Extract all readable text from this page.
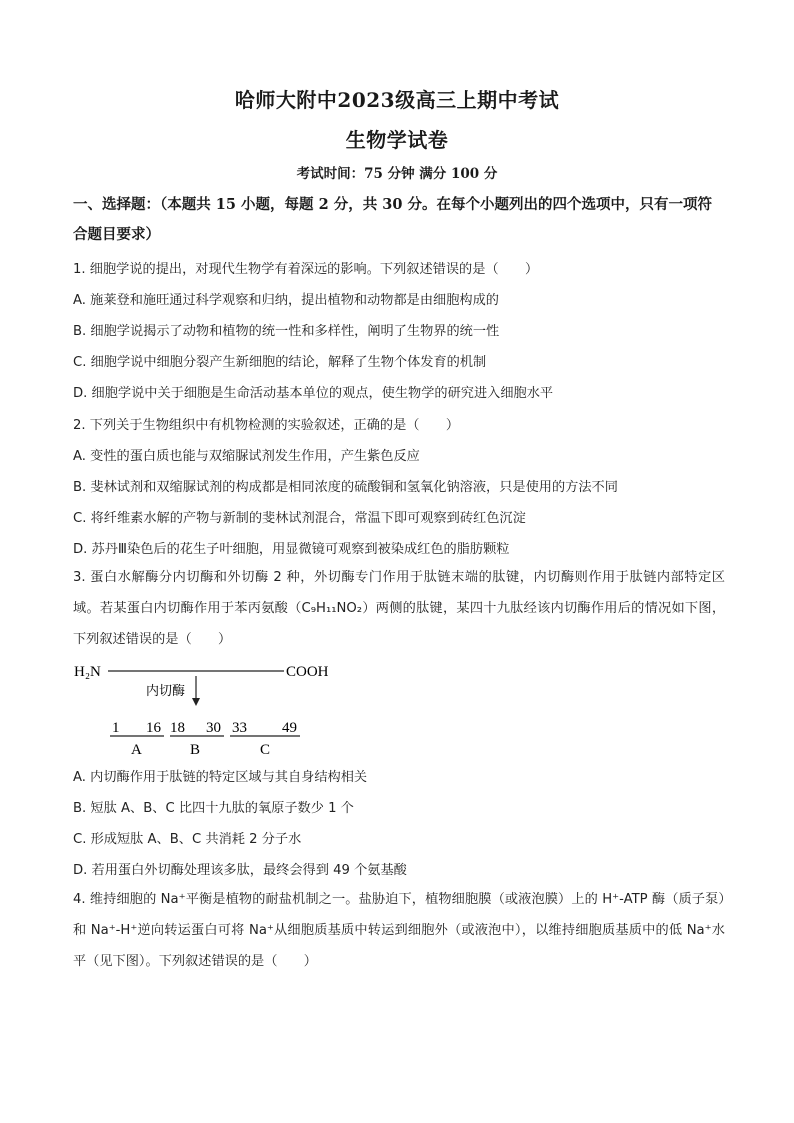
哈师大附中2023级高三上期中考试
生物学试卷
考试时间：75 分钟 满分 100 分
一、选择题：（本题共 15 小题，每题 2 分，共 30 分。在每个小题列出的四个选项中，只有一项符合题目要求）
1. 细胞学说的提出，对现代生物学有着深远的影响。下列叙述错误的是（　　）
A. 施莱登和施旺通过科学观察和归纳，提出植物和动物都是由细胞构成的
B. 细胞学说揭示了动物和植物的统一性和多样性，阐明了生物界的统一性
C. 细胞学说中细胞分裂产生新细胞的结论，解释了生物个体发育的机制
D. 细胞学说中关于细胞是生命活动基本单位的观点，使生物学的研究进入细胞水平
2. 下列关于生物组织中有机物检测的实验叙述，正确的是（　　）
A. 变性的蛋白质也能与双缩脲试剂发生作用，产生紫色反应
B. 斐林试剂和双缩脲试剂的构成都是相同浓度的硫酸铜和氢氧化钠溶液，只是使用的方法不同
C. 将纤维素水解的产物与新制的斐林试剂混合，常温下即可观察到砖红色沉淀
D. 苏丹Ⅲ染色后的花生子叶细胞，用显微镜可观察到被染成红色的脂肪颗粒
3. 蛋白水解酶分内切酶和外切酶 2 种，外切酶专门作用于肽链末端的肽键，内切酶则作用于肽链内部特定区域。若某蛋白内切酶作用于苯丙氨酸（C₉H₁₁NO₂）两侧的肽键，某四十九肽经该内切酶作用后的情况如下图，下列叙述错误的是（　　）
H₂N	COOH
内切酶
1 16 18 30 33 49
A	B	C
A. 内切酶作用于肽链的特定区域与其自身结构相关
B. 短肽 A、B、C 比四十九肽的氧原子数少 1 个
C. 形成短肽 A、B、C 共消耗 2 分子水
D. 若用蛋白外切酶处理该多肽，最终会得到 49 个氨基酸
4. 维持细胞的 Na⁺平衡是植物的耐盐机制之一。盐胁迫下，植物细胞膜（或液泡膜）上的 H⁺-ATP 酶（质子泵）和 Na⁺-H⁺逆向转运蛋白可将 Na⁺从细胞质基质中转运到细胞外（或液泡中），以维持细胞质基质中的低 Na⁺水平（见下图）。下列叙述错误的是（　　）
